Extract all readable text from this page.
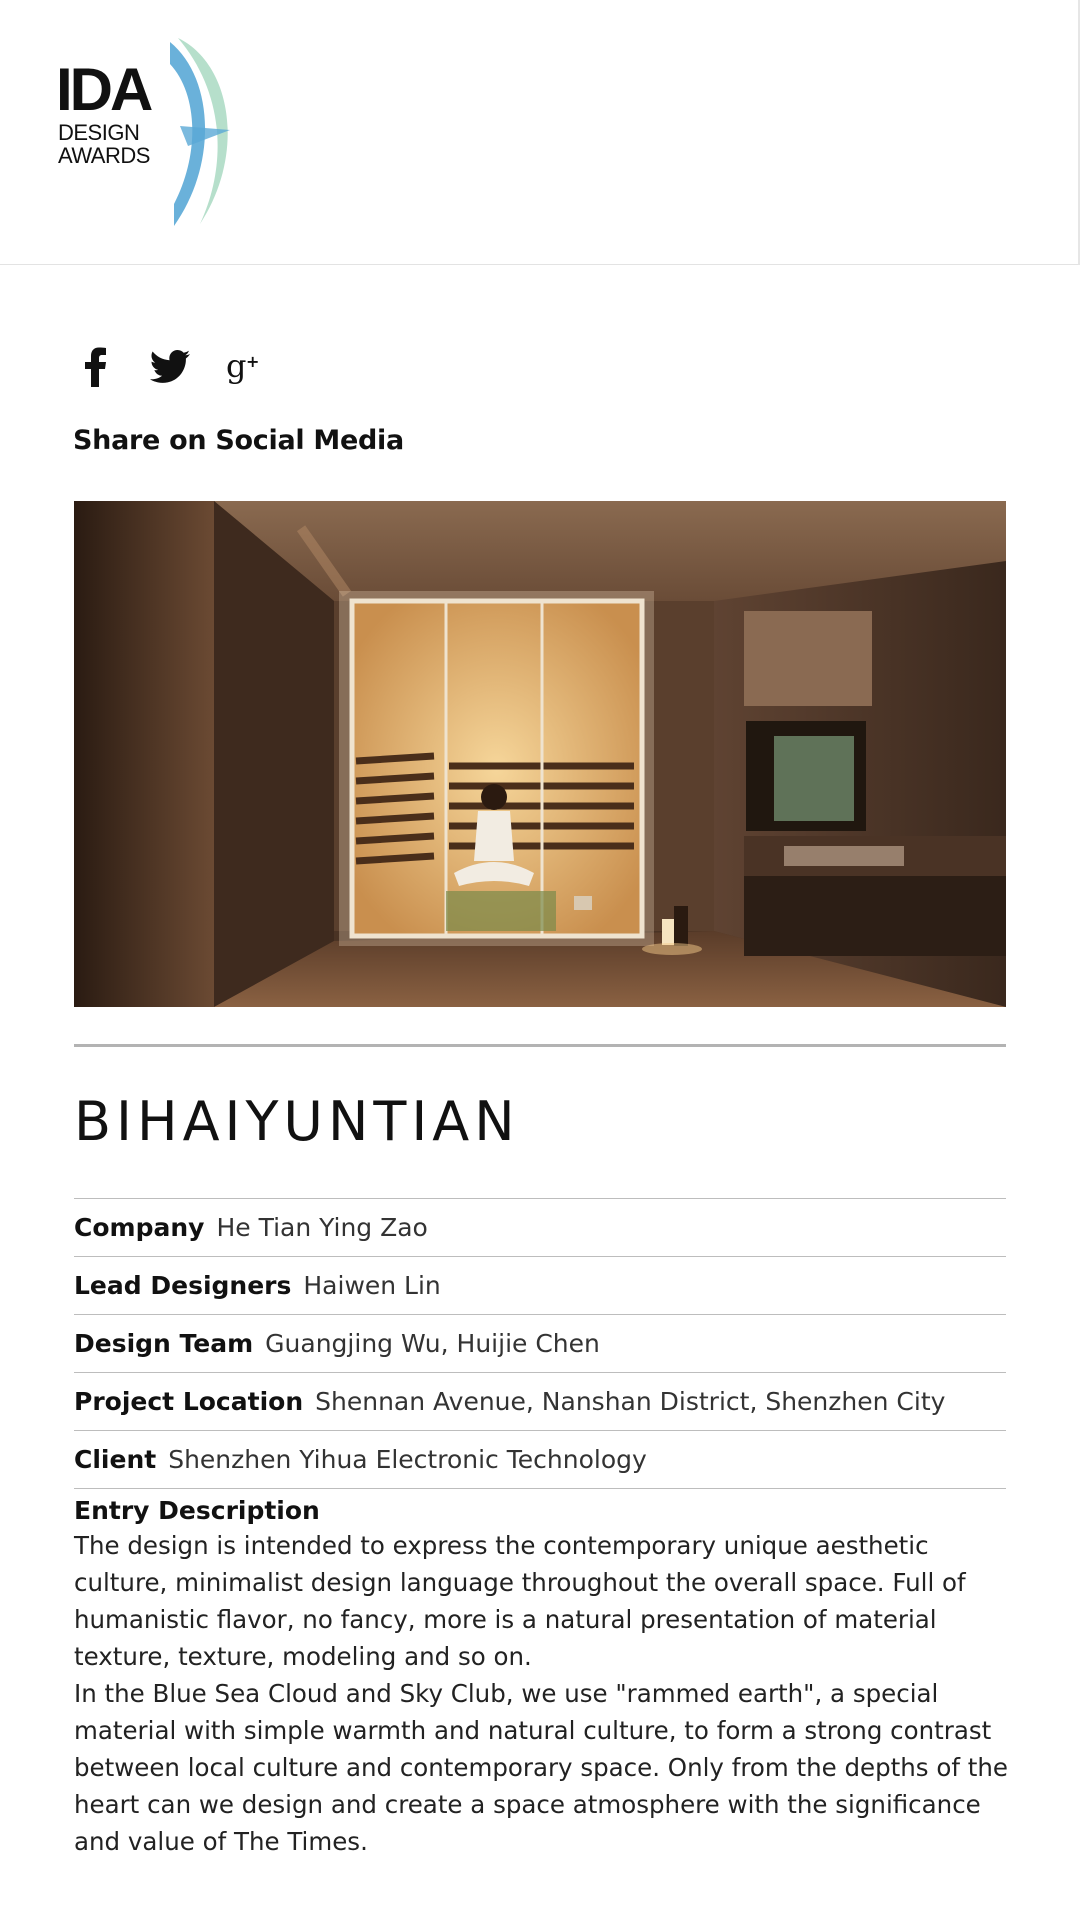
IDA
DESIGN
AWARDS
g +
Share on Social Media
BIHAIYUNTIAN
Company He Tian Ying Zao
Lead Designers Haiwen Lin
Design Team Guangjing Wu, Huijie Chen
Project Location Shennan Avenue, Nanshan District, Shenzhen City
Client Shenzhen Yihua Electronic Technology
Entry Description

The design is intended to express the contemporary unique aesthetic culture, minimalist design language throughout the overall space. Full of humanistic flavor, no fancy, more is a natural presentation of material texture, texture, modeling and so on.

In the Blue Sea Cloud and Sky Club, we use "rammed earth", a special material with simple warmth and natural culture, to form a strong contrast between local culture and contemporary space. Only from the depths of the heart can we design and create a space atmosphere with the significance and value of The Times.
